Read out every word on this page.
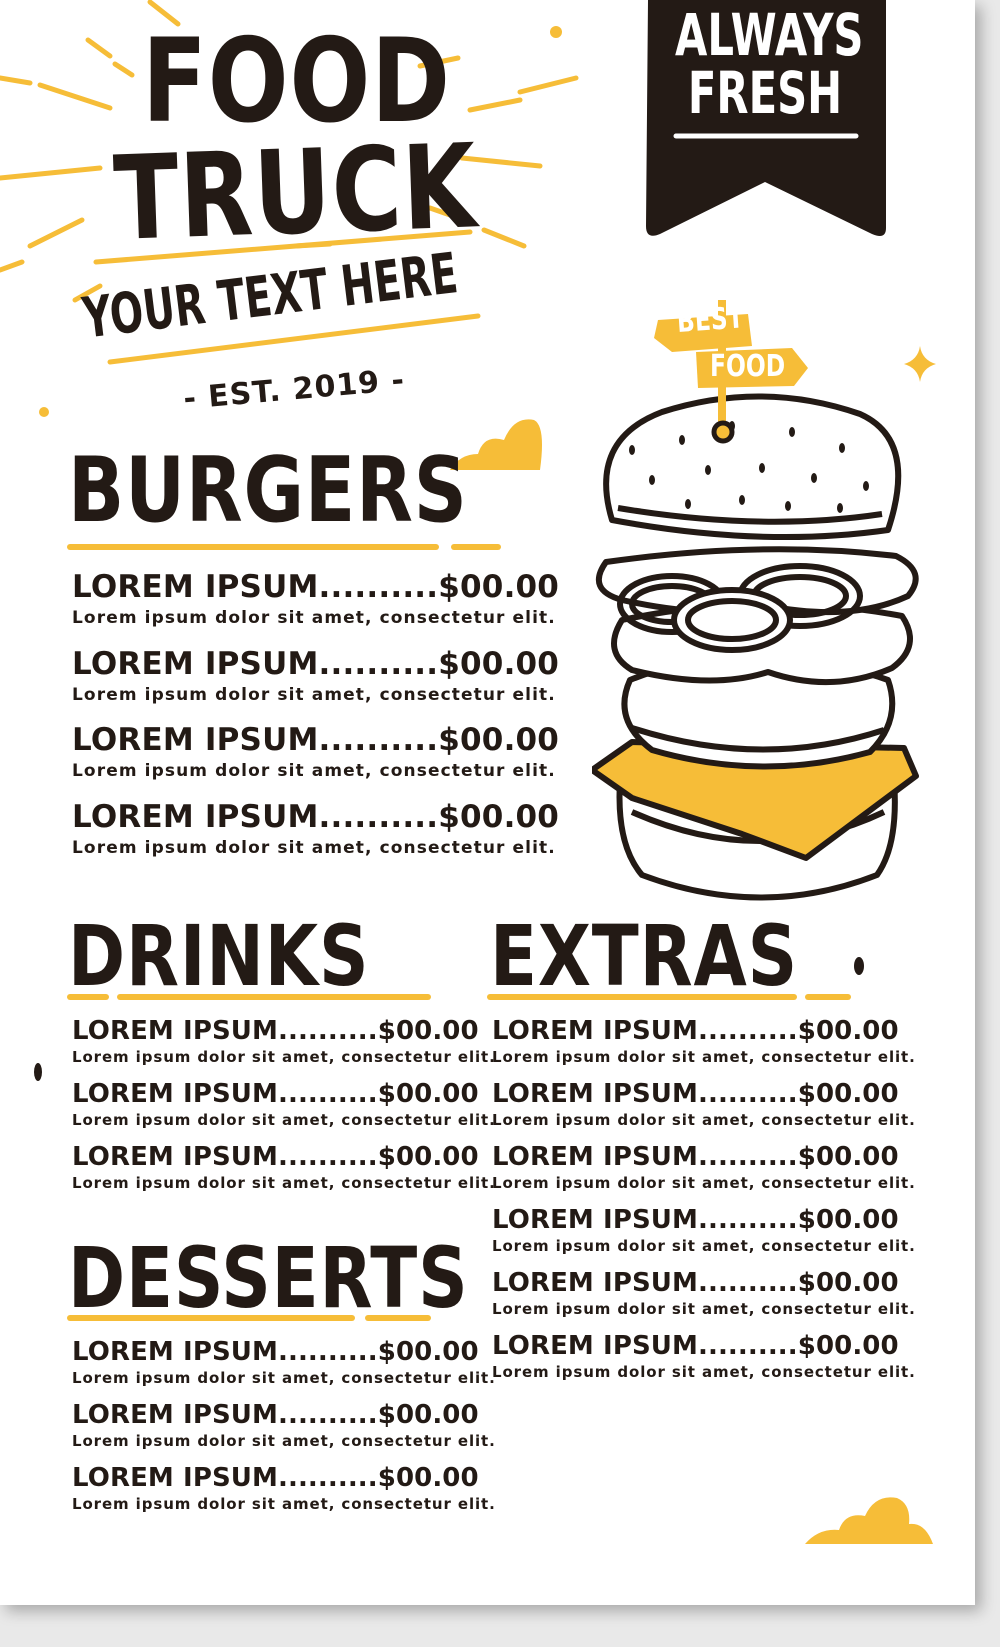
FOOD
TRUCK
YOUR TEXT HERE
- EST. 2019 -
ALWAYS
FRESH
BEST
FOOD
BURGERS
LOREM IPSUM..........$00.00
Lorem ipsum dolor sit amet, consectetur elit.
LOREM IPSUM..........$00.00
Lorem ipsum dolor sit amet, consectetur elit.
LOREM IPSUM..........$00.00
Lorem ipsum dolor sit amet, consectetur elit.
LOREM IPSUM..........$00.00
Lorem ipsum dolor sit amet, consectetur elit.
DRINKS
LOREM IPSUM..........$00.00
Lorem ipsum dolor sit amet, consectetur elit.
LOREM IPSUM..........$00.00
Lorem ipsum dolor sit amet, consectetur elit.
LOREM IPSUM..........$00.00
Lorem ipsum dolor sit amet, consectetur elit.
DESSERTS
LOREM IPSUM..........$00.00
Lorem ipsum dolor sit amet, consectetur elit.
LOREM IPSUM..........$00.00
Lorem ipsum dolor sit amet, consectetur elit.
LOREM IPSUM..........$00.00
Lorem ipsum dolor sit amet, consectetur elit.
EXTRAS
LOREM IPSUM..........$00.00
Lorem ipsum dolor sit amet, consectetur elit.
LOREM IPSUM..........$00.00
Lorem ipsum dolor sit amet, consectetur elit.
LOREM IPSUM..........$00.00
Lorem ipsum dolor sit amet, consectetur elit.
LOREM IPSUM..........$00.00
Lorem ipsum dolor sit amet, consectetur elit.
LOREM IPSUM..........$00.00
Lorem ipsum dolor sit amet, consectetur elit.
LOREM IPSUM..........$00.00
Lorem ipsum dolor sit amet, consectetur elit.
